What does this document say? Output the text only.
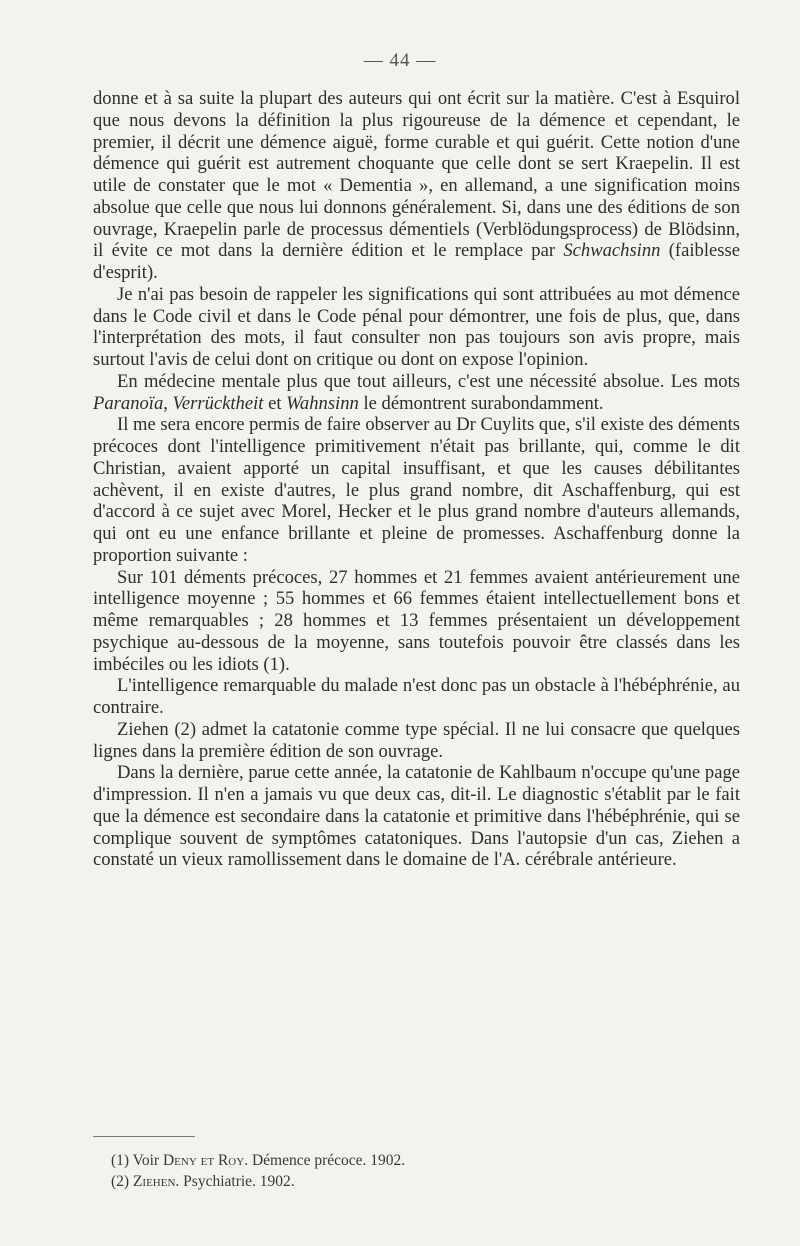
— 44 —

donne et à sa suite la plupart des auteurs qui ont écrit sur la matière. C'est à Esquirol que nous devons la définition la plus rigoureuse de la démence et cependant, le premier, il décrit une démence aiguë, forme curable et qui guérit. Cette notion d'une démence qui guérit est autrement choquante que celle dont se sert Kraepelin. Il est utile de constater que le mot « Dementia », en allemand, a une signification moins absolue que celle que nous lui donnons généralement. Si, dans une des éditions de son ouvrage, Kraepelin parle de processus démentiels (Verblödungsprocess) de Blödsinn, il évite ce mot dans la dernière édition et le remplace par Schwachsinn (faiblesse d'esprit).

Je n'ai pas besoin de rappeler les significations qui sont attribuées au mot démence dans le Code civil et dans le Code pénal pour démontrer, une fois de plus, que, dans l'interprétation des mots, il faut consulter non pas toujours son avis propre, mais surtout l'avis de celui dont on critique ou dont on expose l'opinion.

En médecine mentale plus que tout ailleurs, c'est une nécessité absolue. Les mots Paranoïa, Verrücktheit et Wahnsinn le démontrent surabondamment.

Il me sera encore permis de faire observer au Dr Cuylits que, s'il existe des déments précoces dont l'intelligence primitivement n'était pas brillante, qui, comme le dit Christian, avaient apporté un capital insuffisant, et que les causes débilitantes achèvent, il en existe d'autres, le plus grand nombre, dit Aschaffenburg, qui est d'accord à ce sujet avec Morel, Hecker et le plus grand nombre d'auteurs allemands, qui ont eu une enfance brillante et pleine de promesses. Aschaffenburg donne la proportion suivante :

Sur 101 déments précoces, 27 hommes et 21 femmes avaient antérieurement une intelligence moyenne ; 55 hommes et 66 femmes étaient intellectuellement bons et même remarquables ; 28 hommes et 13 femmes présentaient un développement psychique au-dessous de la moyenne, sans toutefois pouvoir être classés dans les imbéciles ou les idiots (1).

L'intelligence remarquable du malade n'est donc pas un obstacle à l'hébéphrénie, au contraire.

Ziehen (2) admet la catatonie comme type spécial. Il ne lui consacre que quelques lignes dans la première édition de son ouvrage.

Dans la dernière, parue cette année, la catatonie de Kahlbaum n'occupe qu'une page d'impression. Il n'en a jamais vu que deux cas, dit-il. Le diagnostic s'établit par le fait que la démence est secondaire dans la catatonie et primitive dans l'hébéphrénie, qui se complique souvent de symptômes catatoniques. Dans l'autopsie d'un cas, Ziehen a constaté un vieux ramollissement dans le domaine de l'A. cérébrale antérieure.

(1) Voir Deny et Roy. Démence précoce. 1902.

(2) Ziehen. Psychiatrie. 1902.
